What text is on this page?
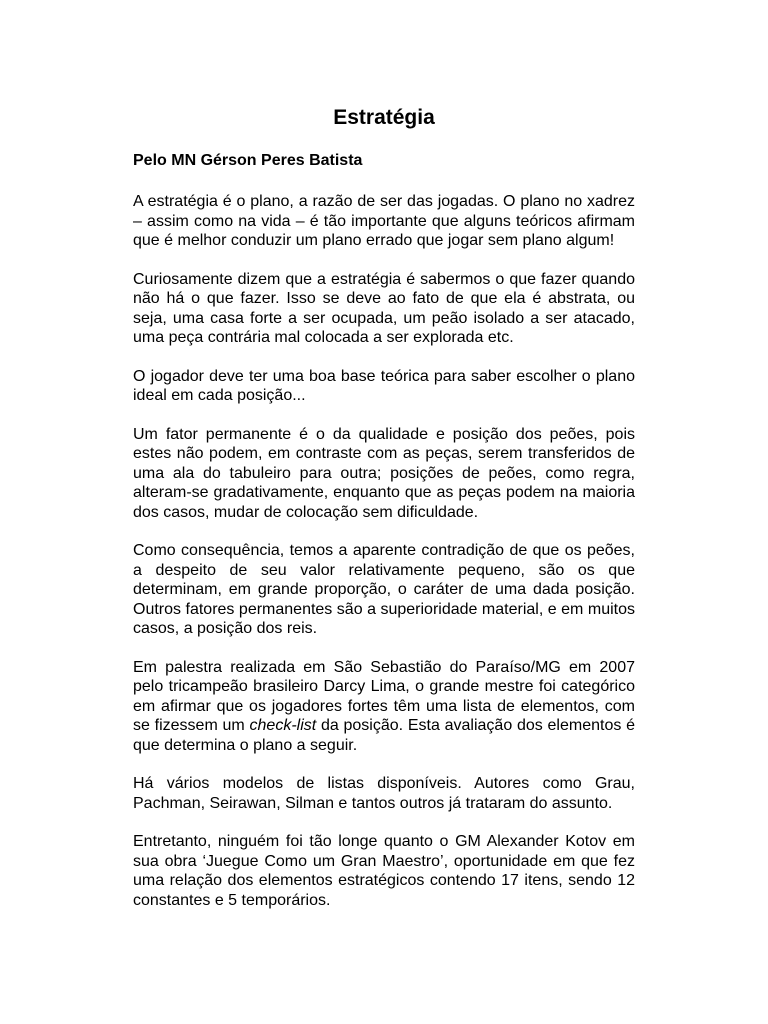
Estratégia

Pelo MN Gérson Peres Batista

A estratégia é o plano, a razão de ser das jogadas. O plano no xadrez – assim como na vida – é tão importante que alguns teóricos afirmam que é melhor conduzir um plano errado que jogar sem plano algum!

Curiosamente dizem que a estratégia é sabermos o que fazer quando não há o que fazer. Isso se deve ao fato de que ela é abstrata, ou seja, uma casa forte a ser ocupada, um peão isolado a ser atacado, uma peça contrária mal colocada a ser explorada etc.

O jogador deve ter uma boa base teórica para saber escolher o plano ideal em cada posição...

Um fator permanente é o da qualidade e posição dos peões, pois estes não podem, em contraste com as peças, serem transferidos de uma ala do tabuleiro para outra; posições de peões, como regra, alteram-se gradativamente, enquanto que as peças podem na maioria dos casos, mudar de colocação sem dificuldade.

Como consequência, temos a aparente contradição de que os peões, a despeito de seu valor relativamente pequeno, são os que determinam, em grande proporção, o caráter de uma dada posição. Outros fatores permanentes são a superioridade material, e em muitos casos, a posição dos reis.

Em palestra realizada em São Sebastião do Paraíso/MG em 2007 pelo tricampeão brasileiro Darcy Lima, o grande mestre foi categórico em afirmar que os jogadores fortes têm uma lista de elementos, com se fizessem um check-list da posição. Esta avaliação dos elementos é que determina o plano a seguir.

Há vários modelos de listas disponíveis. Autores como Grau, Pachman, Seirawan, Silman e tantos outros já trataram do assunto.

Entretanto, ninguém foi tão longe quanto o GM Alexander Kotov em sua obra ‘Juegue Como um Gran Maestro’, oportunidade em que fez uma relação dos elementos estratégicos contendo 17 itens, sendo 12 constantes e 5 temporários.
